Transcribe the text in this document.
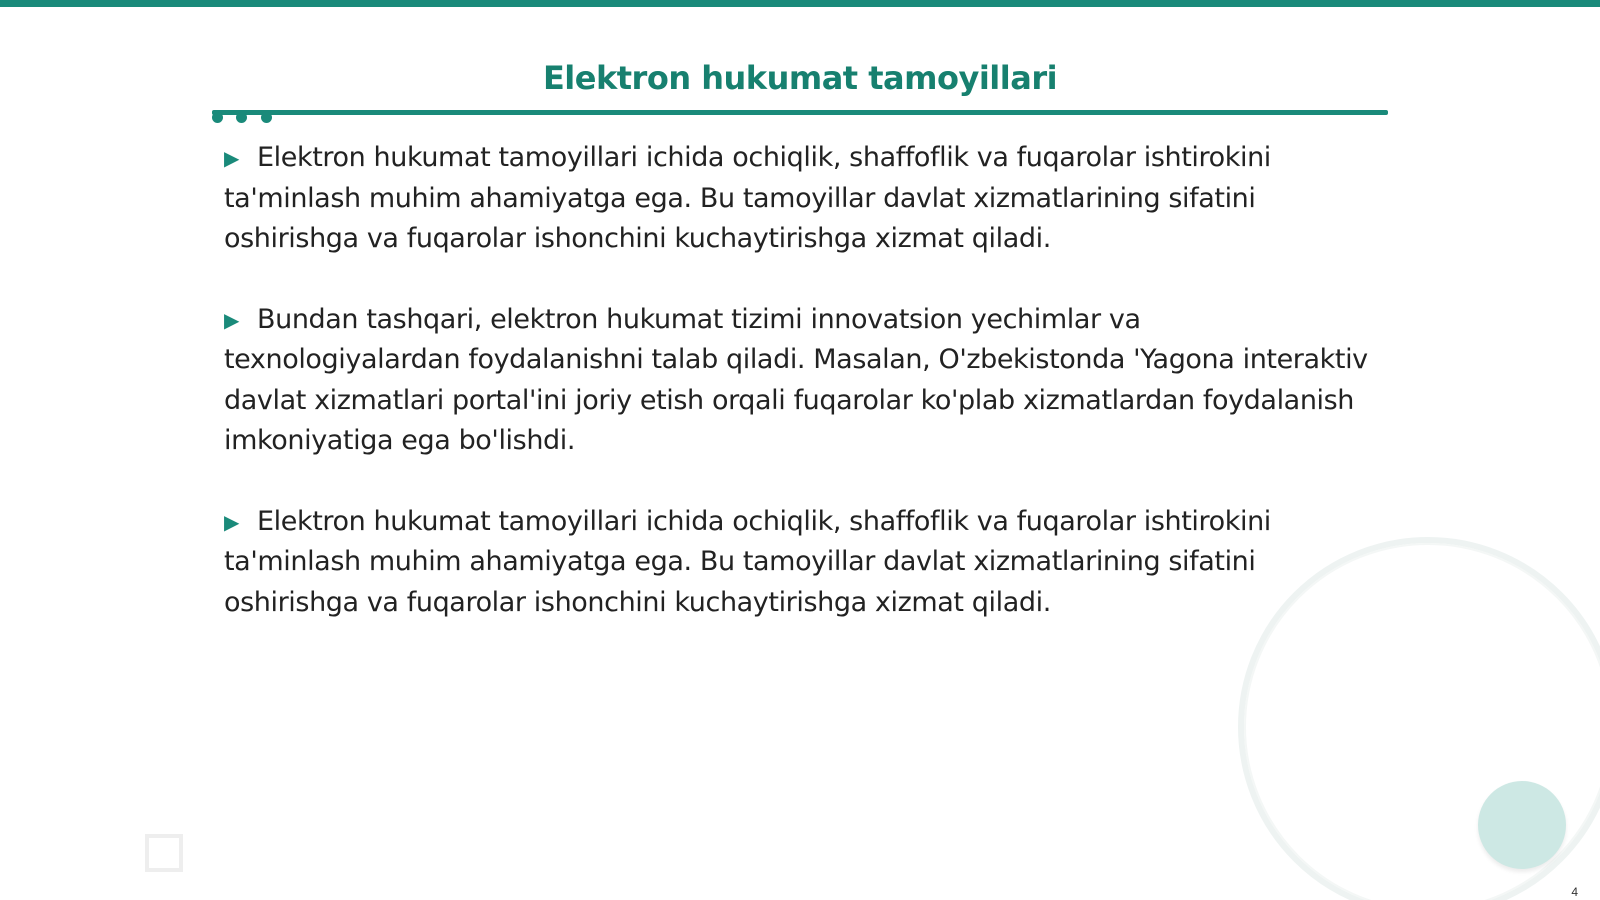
Elektron hukumat tamoyillari

▶ Elektron hukumat tamoyillari ichida ochiqlik, shaffoflik va fuqarolar ishtirokini ta'minlash muhim ahamiyatga ega. Bu tamoyillar davlat xizmatlarining sifatini oshirishga va fuqarolar ishonchini kuchaytirishga xizmat qiladi.

▶ Bundan tashqari, elektron hukumat tizimi innovatsion yechimlar va texnologiyalardan foydalanishni talab qiladi. Masalan, O'zbekistonda 'Yagona interaktiv davlat xizmatlari portal'ini joriy etish orqali fuqarolar ko'plab xizmatlardan foydalanish imkoniyatiga ega bo'lishdi.

▶ Elektron hukumat tamoyillari ichida ochiqlik, shaffoflik va fuqarolar ishtirokini ta'minlash muhim ahamiyatga ega. Bu tamoyillar davlat xizmatlarining sifatini oshirishga va fuqarolar ishonchini kuchaytirishga xizmat qiladi.

4
